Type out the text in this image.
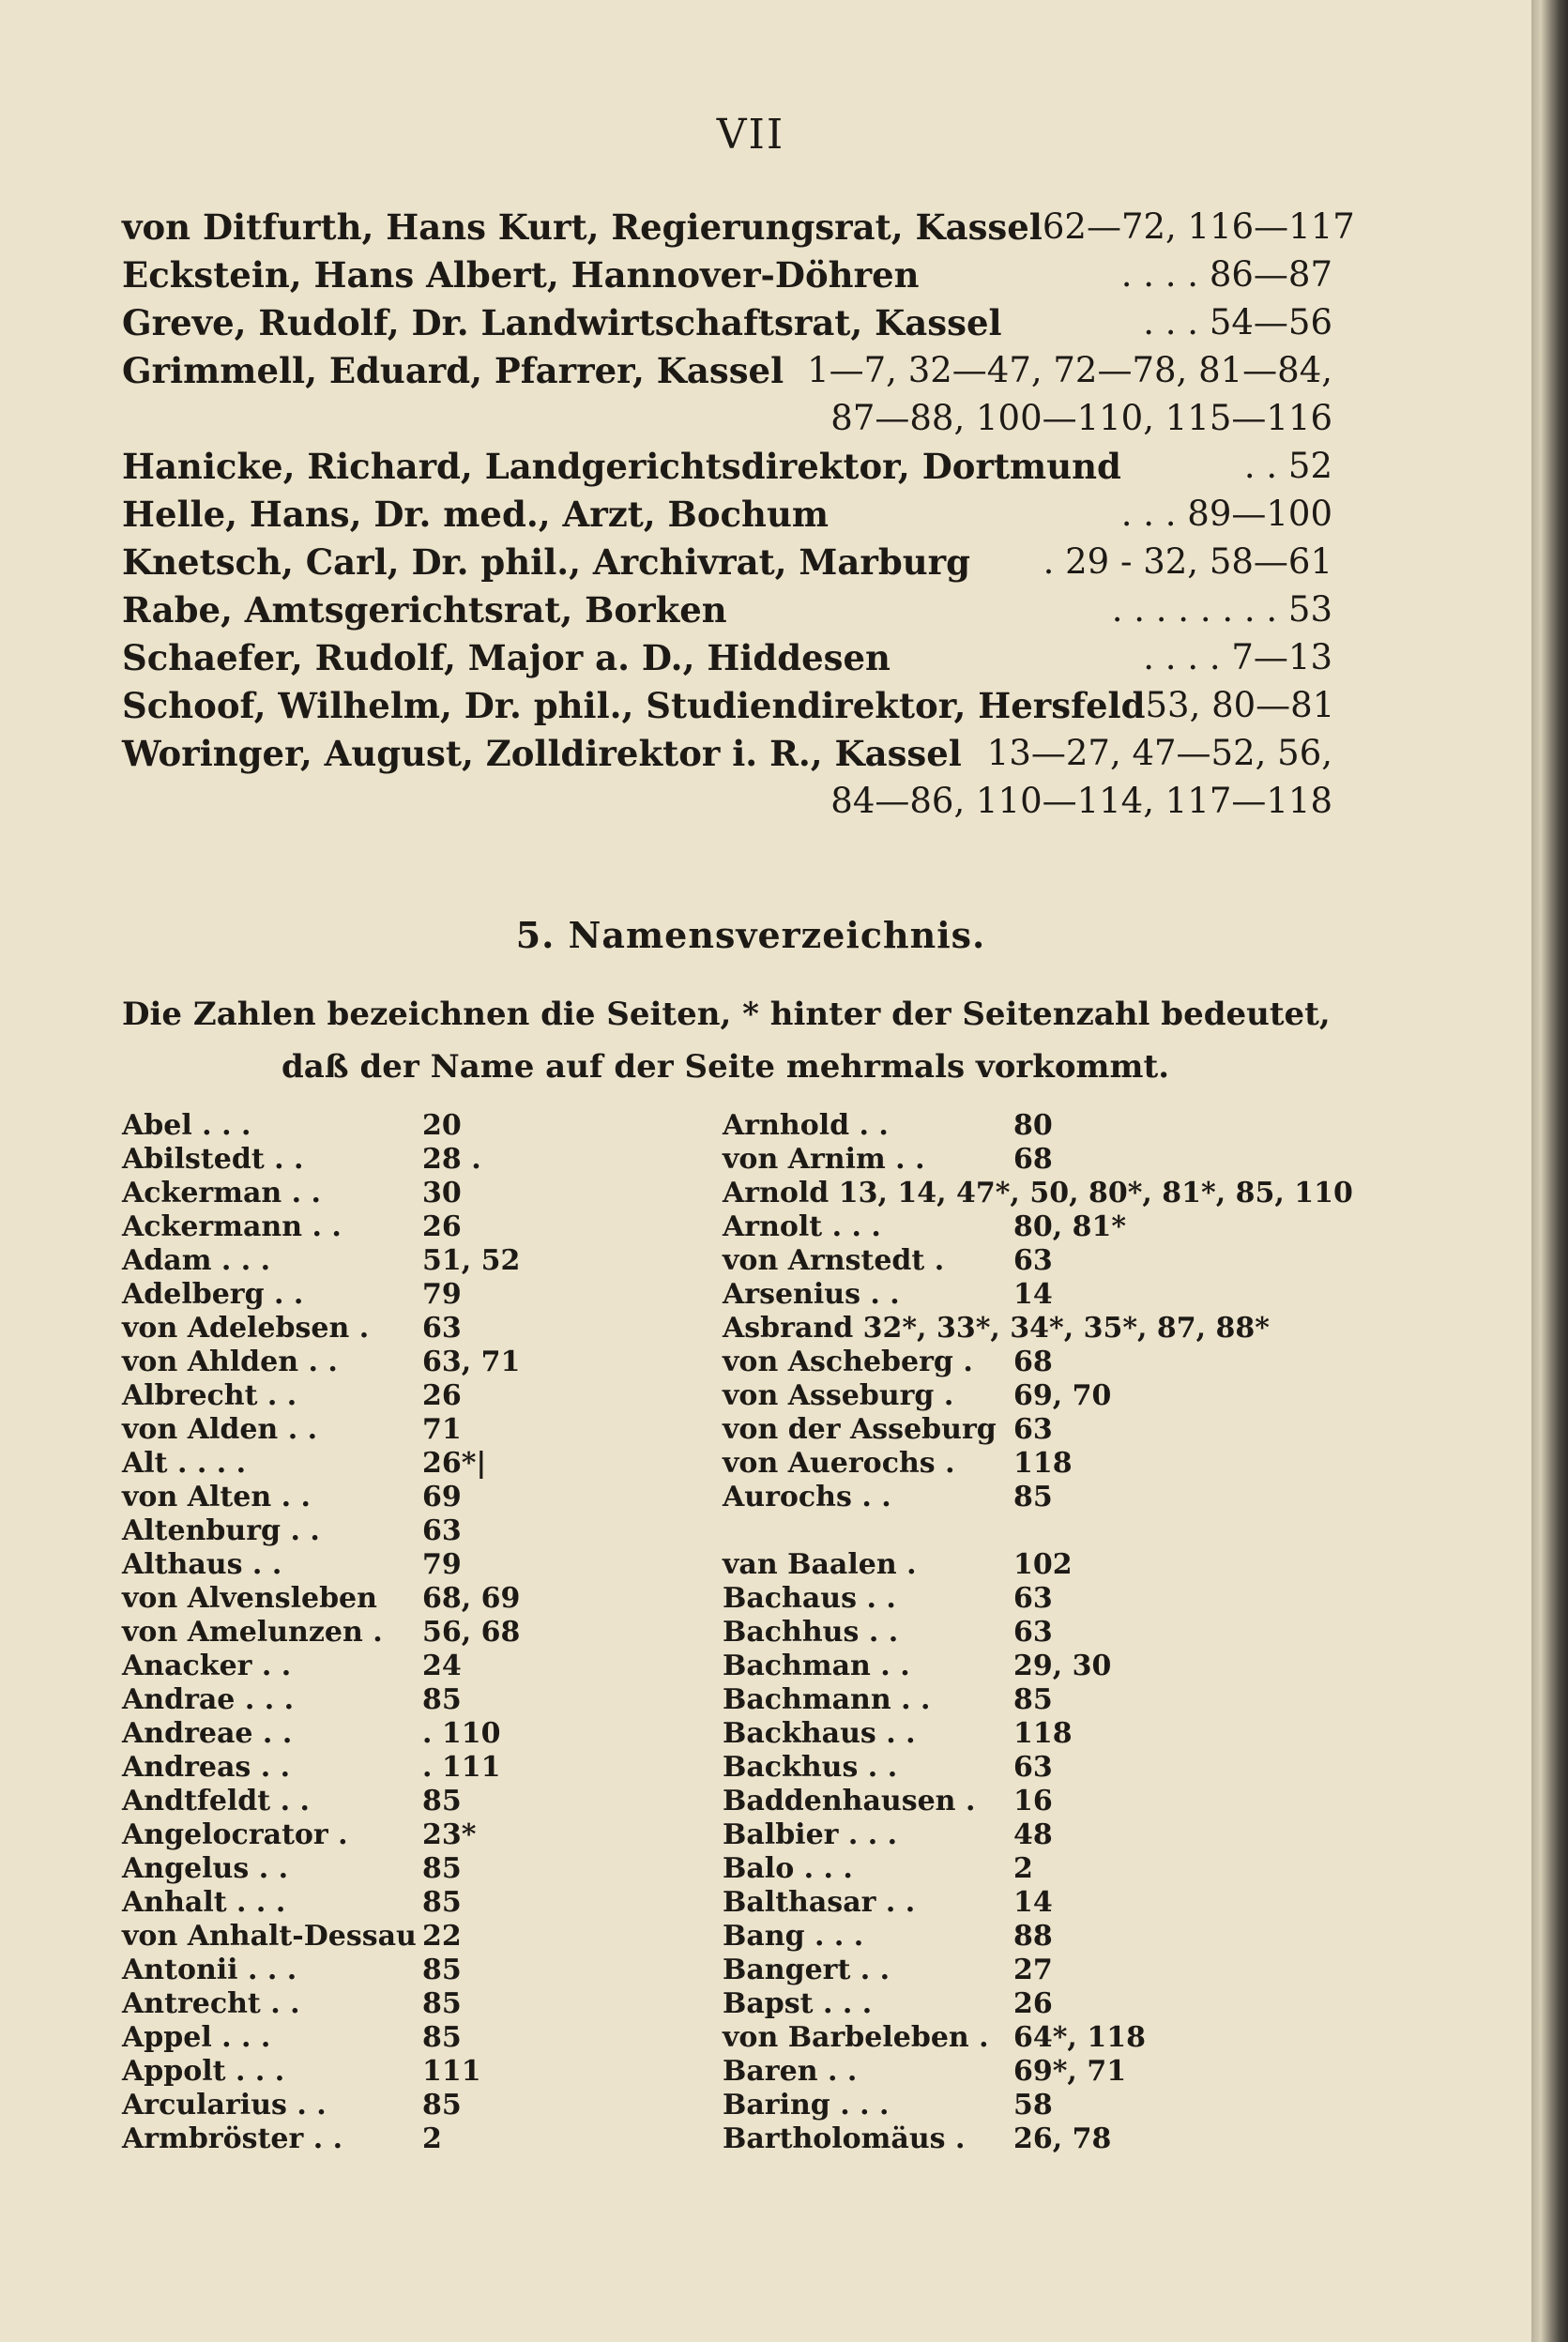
VII
von Ditfurth, Hans Kurt, Regierungsrat, Kassel 62—72, 116—117
Eckstein, Hans Albert, Hannover-Döhren	. . . . 86—87
Greve, Rudolf, Dr. Landwirtschaftsrat, Kassel	. . . 54—56
Grimmell, Eduard, Pfarrer, Kassel 1—7, 32—47, 72—78, 81—84,
87—88, 100—110, 115—116
Hanicke, Richard, Landgerichtsdirektor, Dortmund	. . 52
Helle, Hans, Dr. med., Arzt, Bochum	. . . 89—100
Knetsch, Carl, Dr. phil., Archivrat, Marburg . 29 - 32, 58—61
Rabe, Amtsgerichtsrat, Borken	. . . . . . . . 53
Schaefer, Rudolf, Major a. D., Hiddesen	. . . . 7—13
Schoof, Wilhelm, Dr. phil., Studiendirektor, Hersfeld 53, 80—81
Woringer, August, Zolldirektor i. R., Kassel 13—27, 47—52, 56,
84—86, 110—114, 117—118
5. Namensverzeichnis.
Die Zahlen bezeichnen die Seiten, * hinter der Seitenzahl bedeutet,
daß der Name auf der Seite mehrmals vorkommt.
Abel . . .	20
Abilstedt . .	28 .
Ackerman . .	30
Ackermann . .	26
Adam . . .	51, 52
Adelberg . .	79
von Adelebsen . 63
von Ahlden . .	63, 71
Albrecht . .	26
von Alden . .	71
Alt . . . .	26*|
von Alten . .	69
Altenburg . .	63
Althaus . .	79
von Alvensleben 68, 69
von Amelunzen . 56, 68
Anacker . .	24
Andrae . . .	85
Andreae . .	. 110
Andreas . .	. 111
Andtfeldt . .	85
Angelocrator .	23*
Angelus . .	85
Anhalt . . .	85
von Anhalt-Dessau 22
Antonii . . .	85
Antrecht . .	85
Appel . . .	85
Appolt . . .	111
Arcularius . .	85
Armbröster . .	2
Arnhold . .	80
von Arnim . .	68
Arnold 13, 14, 47*, 50, 80*, 81*, 85, 110
Arnolt . . .	80, 81*
von Arnstedt . 63
Arsenius . .	14
Asbrand 32*, 33*, 34*, 35*, 87, 88*
von Ascheberg . 68
von Asseburg . 69, 70
von der Asseburg 63
von Auerochs . 118
Aurochs . .	85
van Baalen .	102
Bachaus . .	63
Bachhus . .	63
Bachman . .	29, 30
Bachmann . .	85
Backhaus . .	118
Backhus . .	63
Baddenhausen . 16
Balbier . . .	48
Balo . . .	2
Balthasar . .	14
Bang . . .	88
Bangert . .	27
Bapst . . .	26
von Barbeleben . 64*, 118
Baren . .	69*, 71
Baring . . .	58
Bartholomäus . 26, 78
